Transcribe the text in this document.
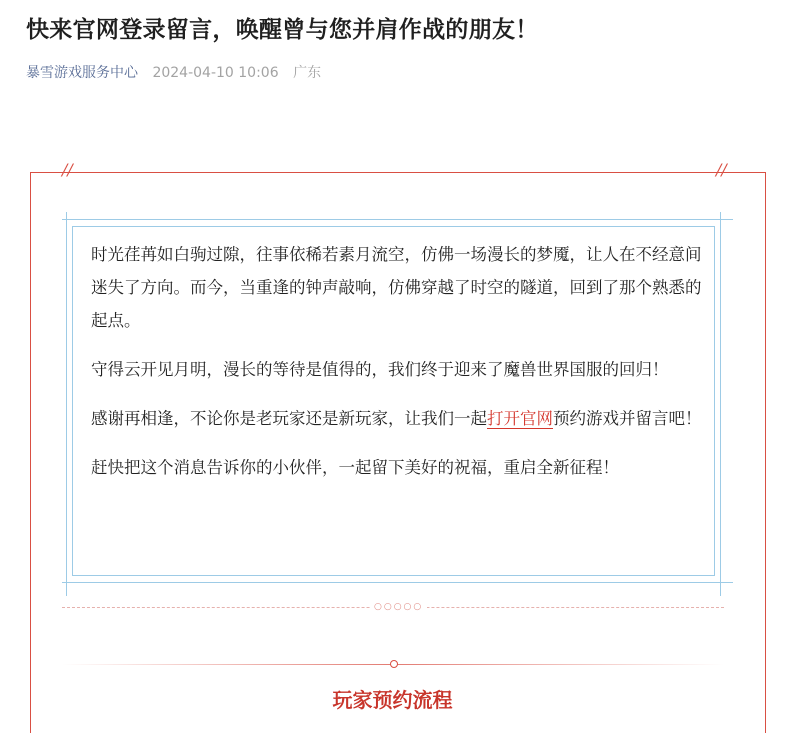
快来官网登录留言，唤醒曾与您并肩作战的朋友！
暴雪游戏服务中心 2024-04-10 10:06 广东
//	//

时光荏苒如白驹过隙，往事依稀若素月流空，仿佛一场漫长的梦魇，让人在不经意间迷失了方向。而今，当重逢的钟声敲响，仿佛穿越了时空的隧道，回到了那个熟悉的起点。

守得云开见月明，漫长的等待是值得的，我们终于迎来了魔兽世界国服的回归！

感谢再相逢，不论你是老玩家还是新玩家，让我们一起打开官网预约游戏并留言吧！

赶快把这个消息告诉你的小伙伴，一起留下美好的祝福，重启全新征程！

○○○○○
玩家预约流程
